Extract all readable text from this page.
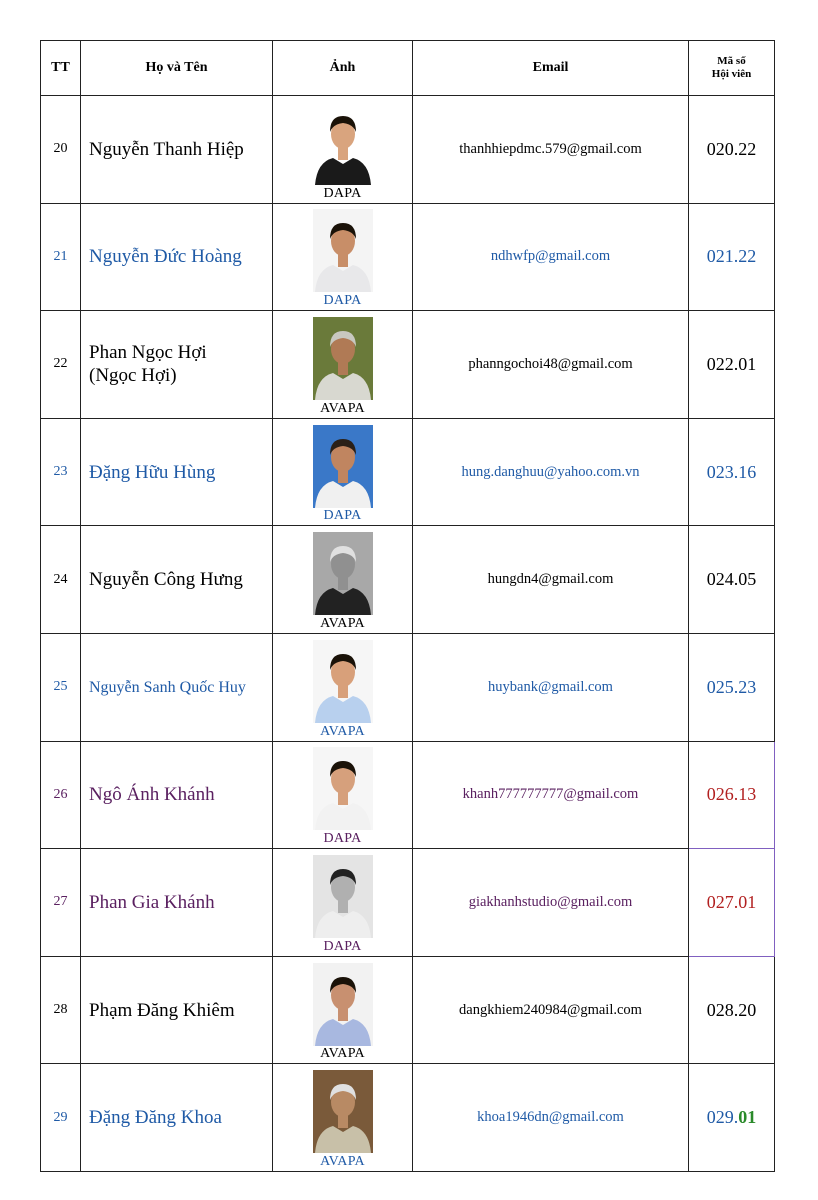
TT	Họ và Tên	Ảnh	Email	Mã số
Hội viên

20	Nguyễn Thanh Hiệp	DAPA	thanhhiepdmc.579@gmail.com	020.22
21	Nguyễn Đức Hoàng	DAPA	ndhwfp@gmail.com	021.22
22	Phan Ngọc Hợi
(Ngọc Hợi)	AVAPA	phanngochoi48@gmail.com	022.01
23	Đặng Hữu Hùng	DAPA	hung.danghuu@yahoo.com.vn	023.16
24	Nguyễn Công Hưng	AVAPA	hungdn4@gmail.com	024.05
25	Nguyễn Sanh Quốc Huy	AVAPA	huybank@gmail.com	025.23
26	Ngô Ánh Khánh	DAPA	khanh777777777@gmail.com	026.13
27	Phan Gia Khánh	DAPA	giakhanhstudio@gmail.com	027.01
28	Phạm Đăng Khiêm	AVAPA	dangkhiem240984@gmail.com	028.20
29	Đặng Đăng Khoa	AVAPA	khoa1946dn@gmail.com	029.01
